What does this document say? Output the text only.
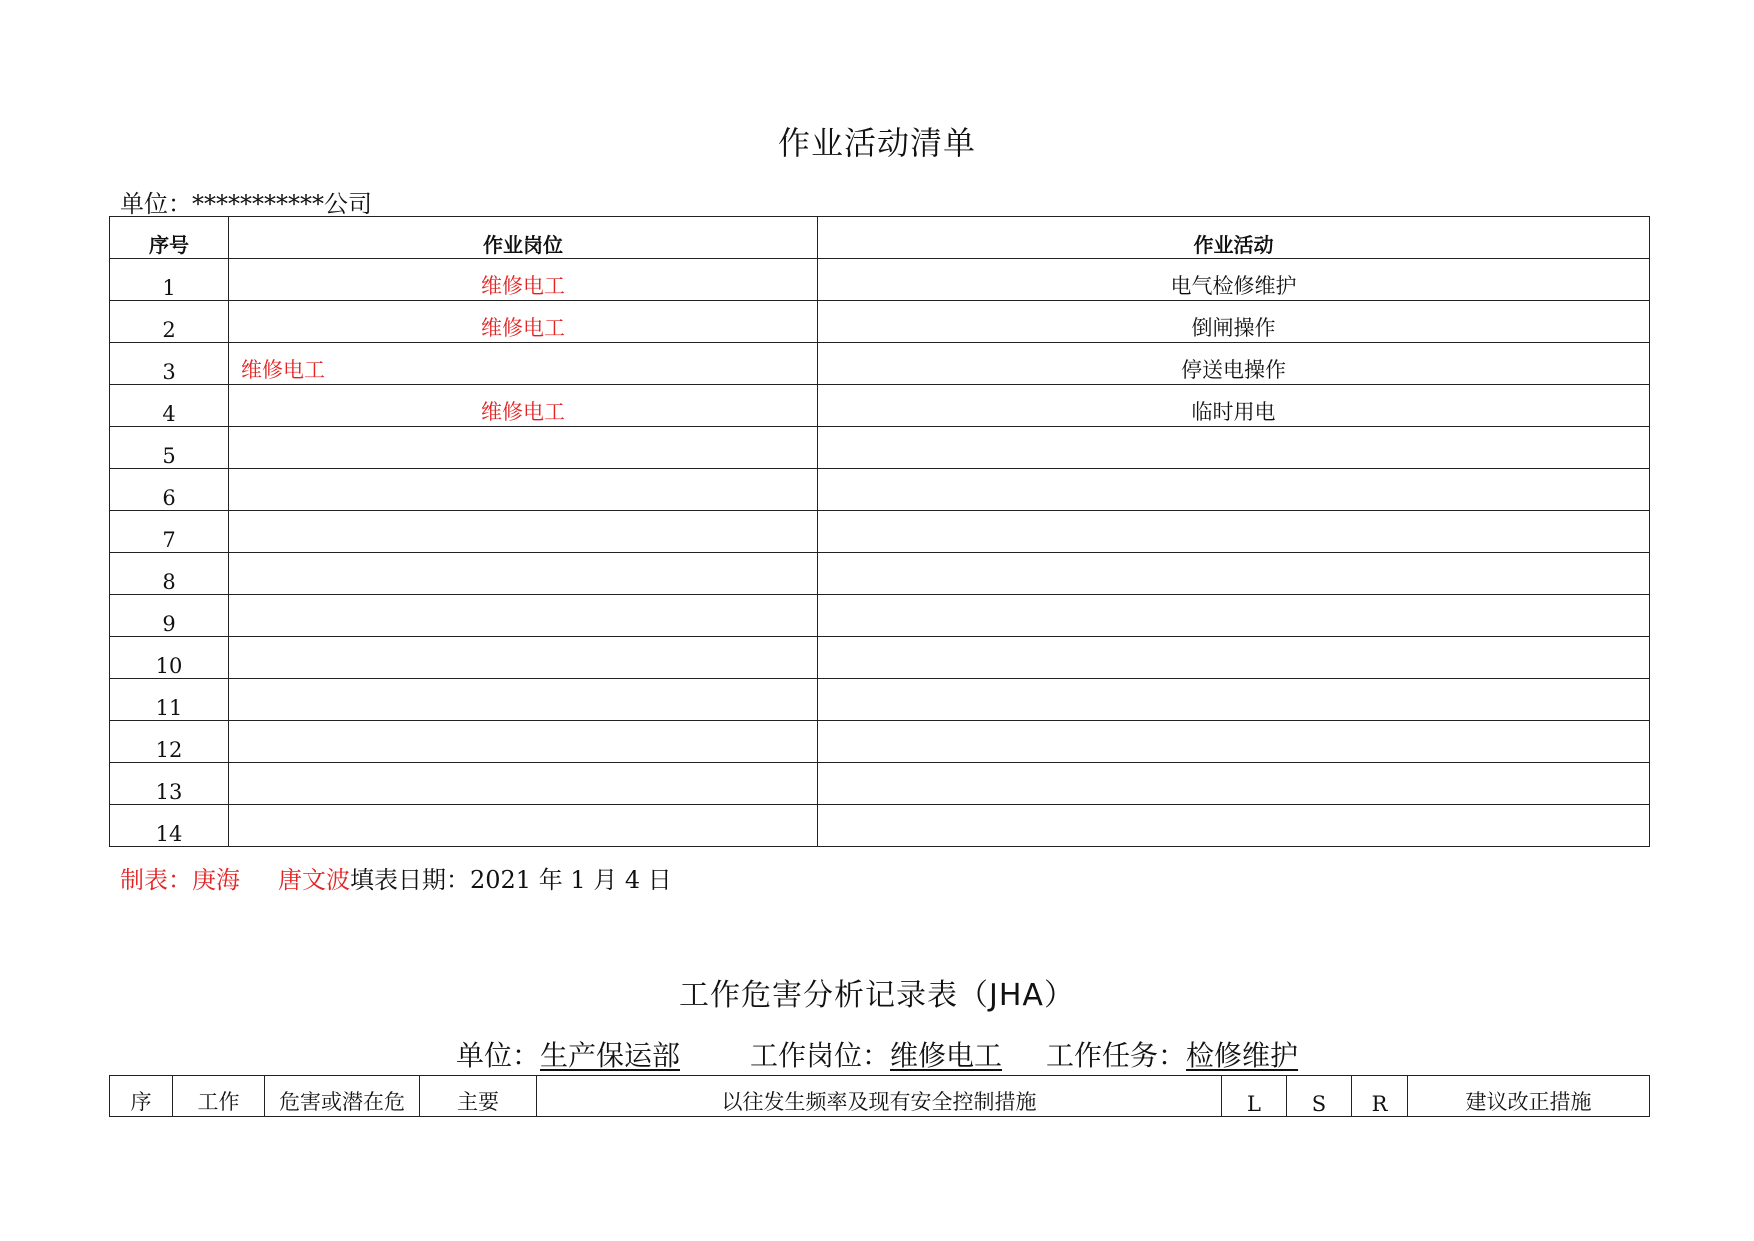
作业活动清单
单位：***********公司
序号	作业岗位	作业活动
1	维修电工	电气检修维护
2	维修电工	倒闸操作
3	维修电工	停送电操作
4	维修电工	临时用电
5		
6		
7		
8		
9		
10		
11		
12		
13		
14		
制表：庚海 唐文波填表日期：2021 年 1 月 4 日
工作危害分析记录表（JHA）
单位：生产保运部	工作岗位：维修电工 工作任务：检修维护
序	工作	危害或潜在危	主要	以往发生频率及现有安全控制措施	L	S	R	建议改正措施
